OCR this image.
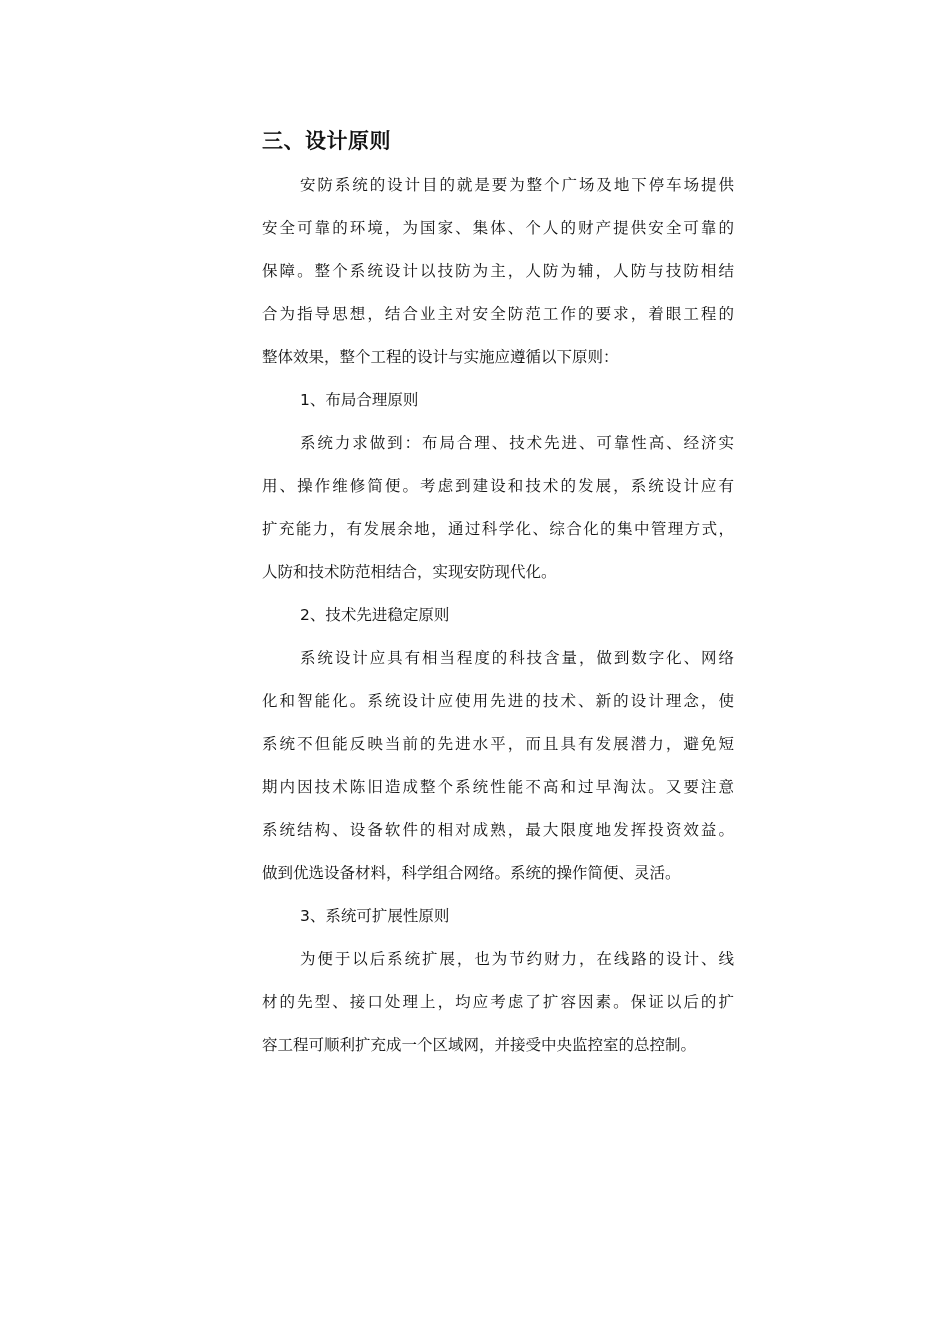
三、设计原则
安防系统的设计目的就是要为整个广场及地下停车场提供
安全可靠的环境，为国家、集体、个人的财产提供安全可靠的
保障。整个系统设计以技防为主，人防为辅，人防与技防相结
合为指导思想，结合业主对安全防范工作的要求，着眼工程的
整体效果，整个工程的设计与实施应遵循以下原则：
1、布局合理原则
系统力求做到：布局合理、技术先进、可靠性高、经济实
用、操作维修简便。考虑到建设和技术的发展，系统设计应有
扩充能力，有发展余地，通过科学化、综合化的集中管理方式，
人防和技术防范相结合，实现安防现代化。
2、技术先进稳定原则
系统设计应具有相当程度的科技含量，做到数字化、网络
化和智能化。系统设计应使用先进的技术、新的设计理念，使
系统不但能反映当前的先进水平，而且具有发展潜力，避免短
期内因技术陈旧造成整个系统性能不高和过早淘汰。又要注意
系统结构、设备软件的相对成熟，最大限度地发挥投资效益。
做到优选设备材料，科学组合网络。系统的操作简便、灵活。
3、系统可扩展性原则
为便于以后系统扩展，也为节约财力，在线路的设计、线
材的先型、接口处理上，均应考虑了扩容因素。保证以后的扩
容工程可顺利扩充成一个区域网，并接受中央监控室的总控制。
